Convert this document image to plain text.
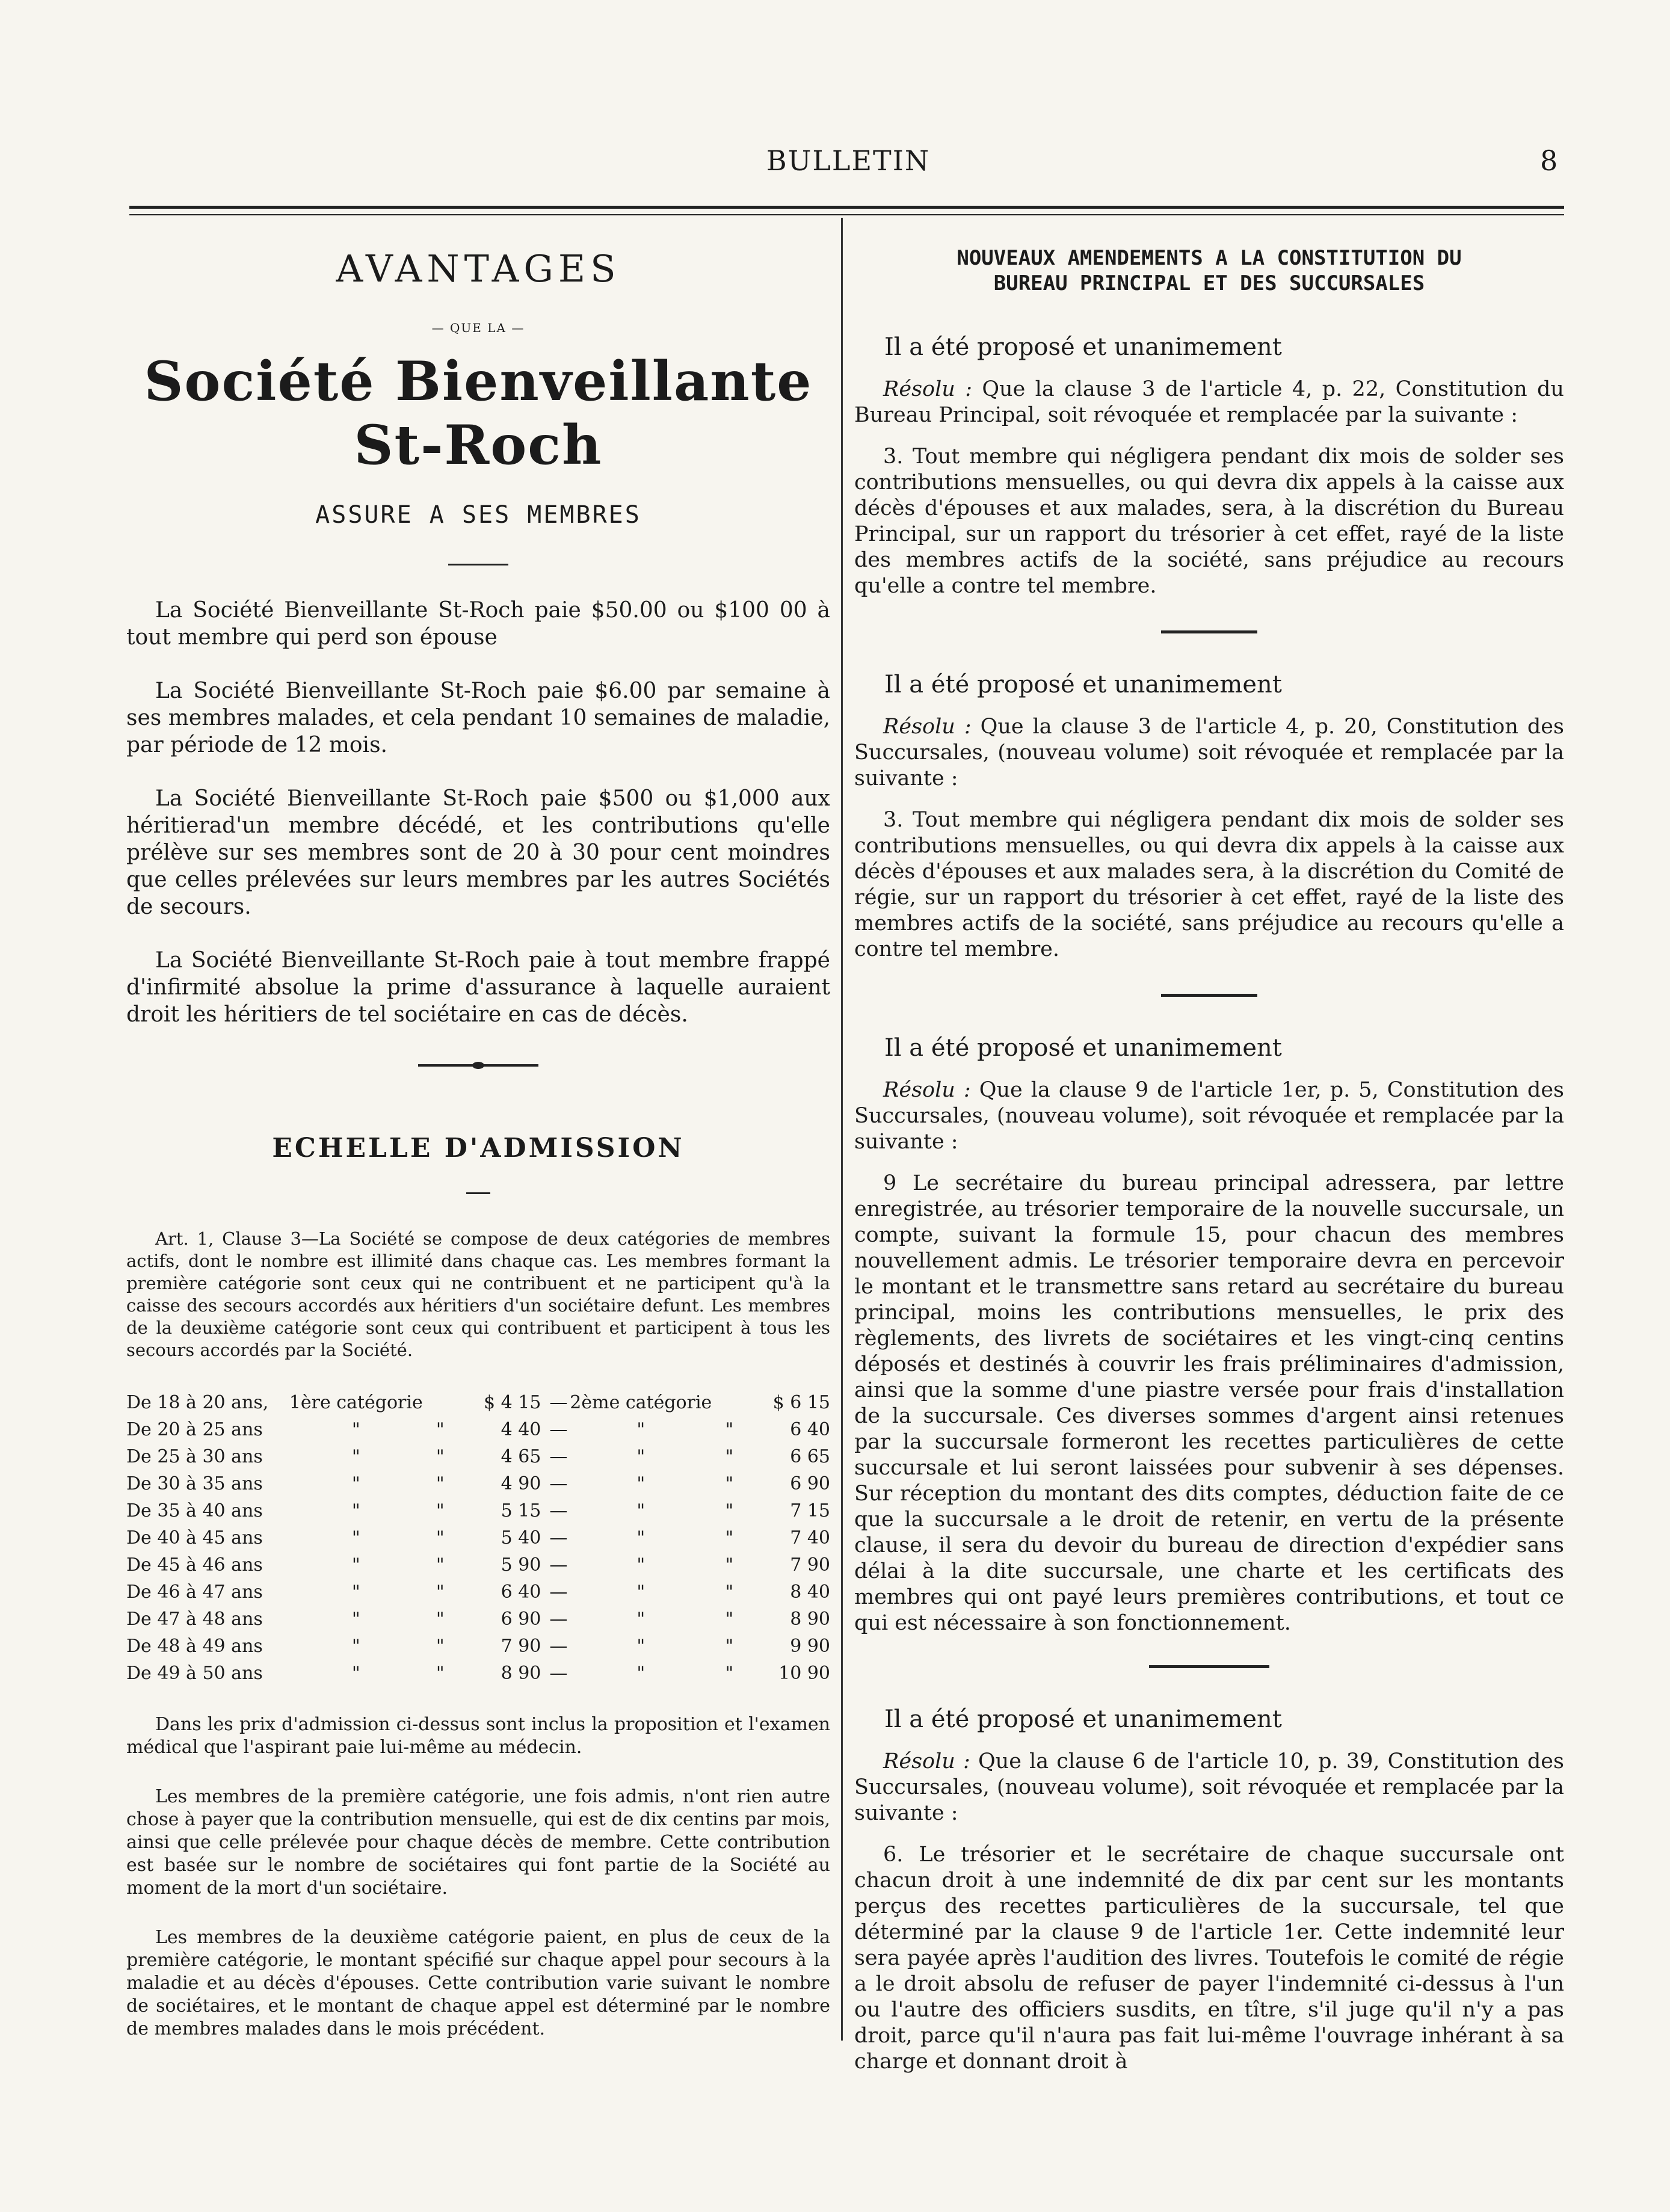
BULLETIN	8
AVANTAGES
— QUE LA —
Société Bienveillante St-Roch
ASSURE A SES MEMBRES

La Société Bienveillante St-Roch paie $50.00 ou $100 00 à tout membre qui perd son épouse

La Société Bienveillante St-Roch paie $6.00 par semaine à ses membres malades, et cela pendant 10 semaines de maladie, par période de 12 mois.

La Société Bienveillante St-Roch paie $500 ou $1,000 aux héritierad'un membre décédé, et les contributions qu'elle prélève sur ses membres sont de 20 à 30 pour cent moindres que celles prélevées sur leurs membres par les autres Sociétés de secours.

La Société Bienveillante St-Roch paie à tout membre frappé d'infirmité absolue la prime d'assurance à laquelle auraient droit les héritiers de tel sociétaire en cas de décès.

ECHELLE D'ADMISSION

Art. 1, Clause 3—La Société se compose de deux catégories de membres actifs, dont le nombre est illimité dans chaque cas. Les membres formant la première catégorie sont ceux qui ne contribuent et ne participent qu'à la caisse des secours accordés aux héritiers d'un sociétaire defunt. Les membres de la deuxième catégorie sont ceux qui contribuent et participent à tous les secours accordés par la Société.

De 18 à 20 ans,	1ère catégorie		$ 4 15	—	2ème catégorie		$ 6 15
De 20 à 25 ans	"	"	4 40	—	"	"	6 40
De 25 à 30 ans	"	"	4 65	—	"	"	6 65
De 30 à 35 ans	"	"	4 90	—	"	"	6 90
De 35 à 40 ans	"	"	5 15	—	"	"	7 15
De 40 à 45 ans	"	"	5 40	—	"	"	7 40
De 45 à 46 ans	"	"	5 90	—	"	"	7 90
De 46 à 47 ans	"	"	6 40	—	"	"	8 40
De 47 à 48 ans	"	"	6 90	—	"	"	8 90
De 48 à 49 ans	"	"	7 90	—	"	"	9 90
De 49 à 50 ans	"	"	8 90	—	"	"	10 90

Dans les prix d'admission ci-dessus sont inclus la proposition et l'examen médical que l'aspirant paie lui-même au médecin.

Les membres de la première catégorie, une fois admis, n'ont rien autre chose à payer que la contribution mensuelle, qui est de dix centins par mois, ainsi que celle prélevée pour chaque décès de membre. Cette contribution est basée sur le nombre de sociétaires qui font partie de la Société au moment de la mort d'un sociétaire.

Les membres de la deuxième catégorie paient, en plus de ceux de la première catégorie, le montant spécifié sur chaque appel pour secours à la maladie et au décès d'épouses. Cette contribution varie suivant le nombre de sociétaires, et le montant de chaque appel est déterminé par le nombre de membres malades dans le mois précédent.

NOUVEAUX AMENDEMENTS A LA CONSTITUTION DU
BUREAU PRINCIPAL ET DES SUCCURSALES
Il a été proposé et unanimement

Résolu : Que la clause 3 de l'article 4, p. 22, Constitution du Bureau Principal, soit révoquée et remplacée par la suivante :

3. Tout membre qui négligera pendant dix mois de solder ses contributions mensuelles, ou qui devra dix appels à la caisse aux décès d'épouses et aux malades, sera, à la discrétion du Bureau Principal, sur un rapport du trésorier à cet effet, rayé de la liste des membres actifs de la société, sans préjudice au recours qu'elle a contre tel membre.

Il a été proposé et unanimement

Résolu : Que la clause 3 de l'article 4, p. 20, Constitution des Succursales, (nouveau volume) soit révoquée et remplacée par la suivante :

3. Tout membre qui négligera pendant dix mois de solder ses contributions mensuelles, ou qui devra dix appels à la caisse aux décès d'épouses et aux malades sera, à la discrétion du Comité de régie, sur un rapport du trésorier à cet effet, rayé de la liste des membres actifs de la société, sans préjudice au recours qu'elle a contre tel membre.

Il a été proposé et unanimement

Résolu : Que la clause 9 de l'article 1er, p. 5, Constitution des Succursales, (nouveau volume), soit révoquée et remplacée par la suivante :

9 Le secrétaire du bureau principal adressera, par lettre enregistrée, au trésorier temporaire de la nouvelle succursale, un compte, suivant la formule 15, pour chacun des membres nouvellement admis. Le trésorier temporaire devra en percevoir le montant et le transmettre sans retard au secrétaire du bureau principal, moins les contributions mensuelles, le prix des règlements, des livrets de sociétaires et les vingt-cinq centins déposés et destinés à couvrir les frais préliminaires d'admission, ainsi que la somme d'une piastre versée pour frais d'installation de la succursale. Ces diverses sommes d'argent ainsi retenues par la succursale formeront les recettes particulières de cette succursale et lui seront laissées pour subvenir à ses dépenses. Sur réception du montant des dits comptes, déduction faite de ce que la succursale a le droit de retenir, en vertu de la présente clause, il sera du devoir du bureau de direction d'expédier sans délai à la dite succursale, une charte et les certificats des membres qui ont payé leurs premières contributions, et tout ce qui est nécessaire à son fonctionnement.

Il a été proposé et unanimement

Résolu : Que la clause 6 de l'article 10, p. 39, Constitution des Succursales, (nouveau volume), soit révoquée et remplacée par la suivante :

6. Le trésorier et le secrétaire de chaque succursale ont chacun droit à une indemnité de dix par cent sur les montants perçus des recettes particulières de la succursale, tel que déterminé par la clause 9 de l'article 1er. Cette indemnité leur sera payée après l'audition des livres. Toutefois le comité de régie a le droit absolu de refuser de payer l'indemnité ci-dessus à l'un ou l'autre des officiers susdits, en tître, s'il juge qu'il n'y a pas droit, parce qu'il n'aura pas fait lui-même l'ouvrage inhérant à sa charge et donnant droit à
